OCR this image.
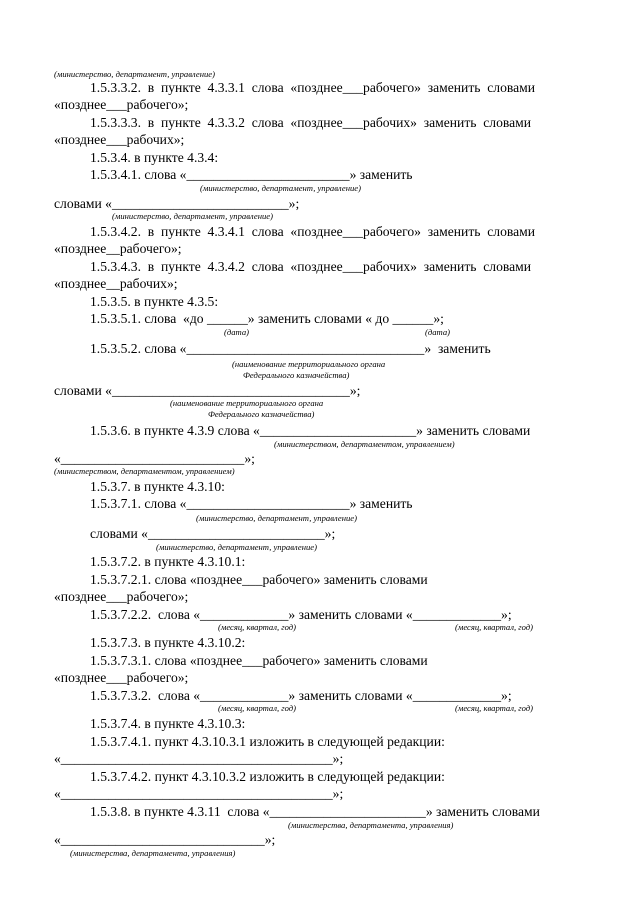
(министерство, департамент, управление)
1.5.3.3.2.  в  пункте  4.3.3.1  слова  «позднее___рабочего»  заменить  словами
«позднее___рабочего»;
1.5.3.3.3.  в  пункте  4.3.3.2  слова  «позднее___рабочих»  заменить  словами
«позднее___рабочих»;
1.5.3.4. в пункте 4.3.4:
1.5.3.4.1. слова «________________________» заменить
(министерство, департамент, управление)
словами «__________________________»;
(министерство, департамент, управление)
1.5.3.4.2.  в  пункте  4.3.4.1  слова  «позднее___рабочего»  заменить  словами
«позднее__рабочего»;
1.5.3.4.3.  в  пункте  4.3.4.2  слова  «позднее___рабочих»  заменить  словами
«позднее__рабочих»;
1.5.3.5. в пункте 4.3.5:
1.5.3.5.1. слова  «до ______» заменить словами « до ______»;
(дата)	(дата)
1.5.3.5.2. слова «___________________________________»  заменить
(наименование территориального органа
Федерального казначейства)
словами «___________________________________»;
(наименование территориального органа
Федерального казначейства)
1.5.3.6. в пункте 4.3.9 слова «_______________________» заменить словами
(министерством, департаментом, управлением)
«___________________________»;
(министерством, департаментом, управлением)
1.5.3.7. в пункте 4.3.10:
1.5.3.7.1. слова «________________________» заменить
(министерство, департамент, управление)
словами «__________________________»;
(министерство, департамент, управление)
1.5.3.7.2. в пункте 4.3.10.1:
1.5.3.7.2.1. слова «позднее___рабочего» заменить словами
«позднее___рабочего»;
1.5.3.7.2.2.  слова «_____________» заменить словами «_____________»;
(месяц, квартал, год)	(месяц, квартал, год)
1.5.3.7.3. в пункте 4.3.10.2:
1.5.3.7.3.1. слова «позднее___рабочего» заменить словами
«позднее___рабочего»;
1.5.3.7.3.2.  слова «_____________» заменить словами «_____________»;
(месяц, квартал, год)	(месяц, квартал, год)
1.5.3.7.4. в пункте 4.3.10.3:
1.5.3.7.4.1. пункт 4.3.10.3.1 изложить в следующей редакции:
«________________________________________»;
1.5.3.7.4.2. пункт 4.3.10.3.2 изложить в следующей редакции:
«________________________________________»;
1.5.3.8. в пункте 4.3.11  слова «_______________________» заменить словами
(министерства, департамента, управления)
«______________________________»;
(министерства, департамента, управления)
